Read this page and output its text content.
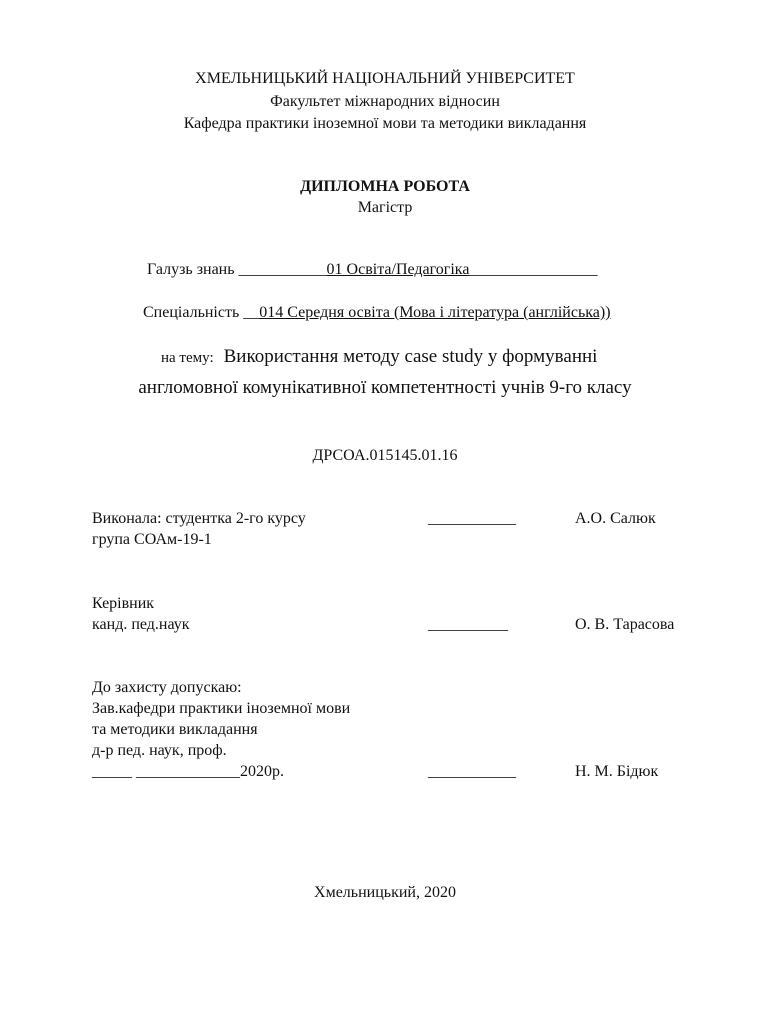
ХМЕЛЬНИЦЬКИЙ НАЦІОНАЛЬНИЙ УНІВЕРСИТЕТ
Факультет міжнародних відносин
Кафедра практики іноземної мови та методики викладання
ДИПЛОМНА РОБОТА
Магістр
Галузь знань ___________01 Освіта/Педагогіка________________
Спеціальність __014 Середня освіта (Мова і література (англійська))
на тему: Використання методу case study у формуванні
англомовної комунікативної компетентності учнів 9-го класу
ДРСОА.015145.01.16
Виконала: студентка 2-го курсу
група СОАм-19-1
___________	А.О. Салюк
Керівник
канд. пед.наук	__________	О. В. Тарасова
До захисту допускаю:
Зав.кафедри практики іноземної мови
та методики викладання
д-р пед. наук, проф.
_____ _____________2020р.	___________	Н. М. Бідюк
Хмельницький, 2020
